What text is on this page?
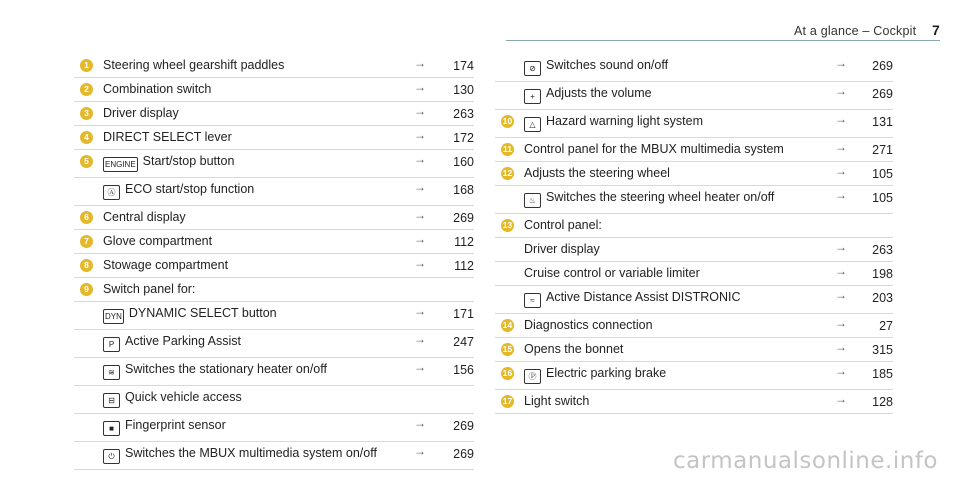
At a glance – Cockpit 7
1	Steering wheel gearshift paddles	→	174
2	Combination switch	→	130
3	Driver display	→	263
4	DIRECT SELECT lever	→	172
5	ENGINE Start/stop button	→	160
Ⓐ ECO start/stop function	→	168
6	Central display	→	269
7	Glove compartment	→	112
8	Stowage compartment	→	112
9	Switch panel for:
DYN DYNAMIC SELECT button	→	171
P Active Parking Assist	→	247
≋ Switches the stationary heater on/off	→	156
⊟ Quick vehicle access
■ Fingerprint sensor	→	269
⏻ Switches the MBUX multimedia system on/off	→	269
⊘ Switches sound on/off	→	269
+ Adjusts the volume	→	269
10	△ Hazard warning light system	→	131
11 Control panel for the MBUX multimedia system	→	271
12 Adjusts the steering wheel	→	105
♨ Switches the steering wheel heater on/off	→	105
13 Control panel:
Driver display	→	263
Cruise control or variable limiter	→	198
≈ Active Distance Assist DISTRONIC	→	203
14 Diagnostics connection	→	27
15 Opens the bonnet	→	315
16	Ⓟ Electric parking brake	→	185
17 Light switch	→	128
carmanualsonline.info
